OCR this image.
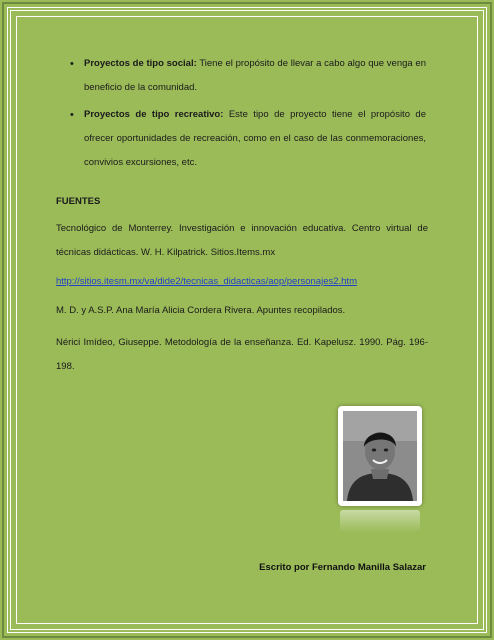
• Proyectos de tipo social: Tiene el propósito de llevar a cabo algo que venga en beneficio de la comunidad.
• Proyectos de tipo recreativo: Este tipo de proyecto tiene el propósito de ofrecer oportunidades de recreación, como en el caso de las conmemoraciones, convivios excursiones, etc.
FUENTES
Tecnológico de Monterrey. Investigación e innovación educativa. Centro virtual de técnicas didácticas. W. H. Kilpatrick. Sitios.Items.mx
http://sitios.itesm.mx/va/dide2/tecnicas_didacticas/aop/personajes2.htm
M. D. y A.S.P. Ana María Alicia Cordera Rivera. Apuntes recopilados.
Nérici Imídeo, Giuseppe. Metodología de la enseñanza. Ed. Kapelusz. 1990. Pág. 196-198.
Escrito por Fernando Manilla Salazar
